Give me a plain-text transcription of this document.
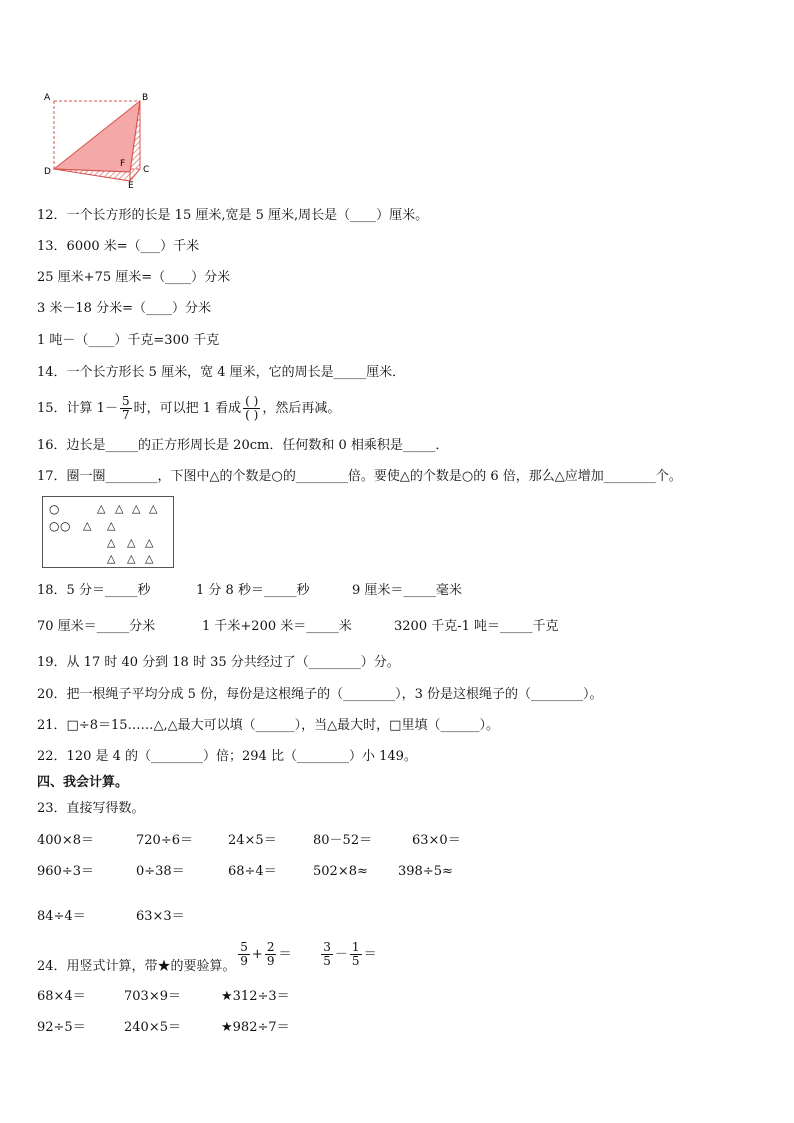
A	B
C
D
E
F
12．一个长方形的长是 15 厘米,宽是 5 厘米,周长是（____）厘米。
13．6000 米=（___）千米
25 厘米+75 厘米=（____）分米
3 米－18 分米=（____）分米
1 吨－（____）千克=300 千克
14．一个长方形长 5 厘米，宽 4 厘米，它的周长是_____厘米．
15．计算 $1- \frac{5}{7}$ 时，可以把 1 看成 $\frac{( )}{( )}$ ，然后再减。
16．边长是_____的正方形周长是 20cm．任何数和 0 相乘积是_____．
17．圈一圈________，下图中△的个数是○的________倍。要使△的个数是○的 6 倍，那么△应增加________个。
○
○ ○
△ △ △ △
△ △
△ △ △
△ △ △
18．5 分＝_____秒	1 分 8 秒＝_____秒	9 厘米＝_____毫米
70 厘米＝_____分米	1 千米+200 米＝_____米	3200 千克-1 吨＝_____千克
19．从 17 时 40 分到 18 时 35 分共经过了（________）分。
20．把一根绳子平均分成 5 份，每份是这根绳子的（________），3 份是这根绳子的（________）。
21．□÷8＝15……△,△最大可以填（______），当△最大时，□里填（______）。
22．120 是 4 的（________）倍；294 比（________）小 149。
四、我会计算。
23．直接写得数。
400×8＝	720÷6＝	24×5＝	80－52＝	63×0＝
960÷3＝	0÷38＝	68÷4＝	502×8≈ 398÷5≈
84÷4＝	63×3＝

$\frac{5}{9} + \frac{2}{9}$ ＝

$\frac{3}{5} - \frac{1}{5}$ ＝

24．用竖式计算，带★的要验算。
68×4＝	703×9＝	★312÷3＝
92÷5＝	240×5＝	★982÷7＝
